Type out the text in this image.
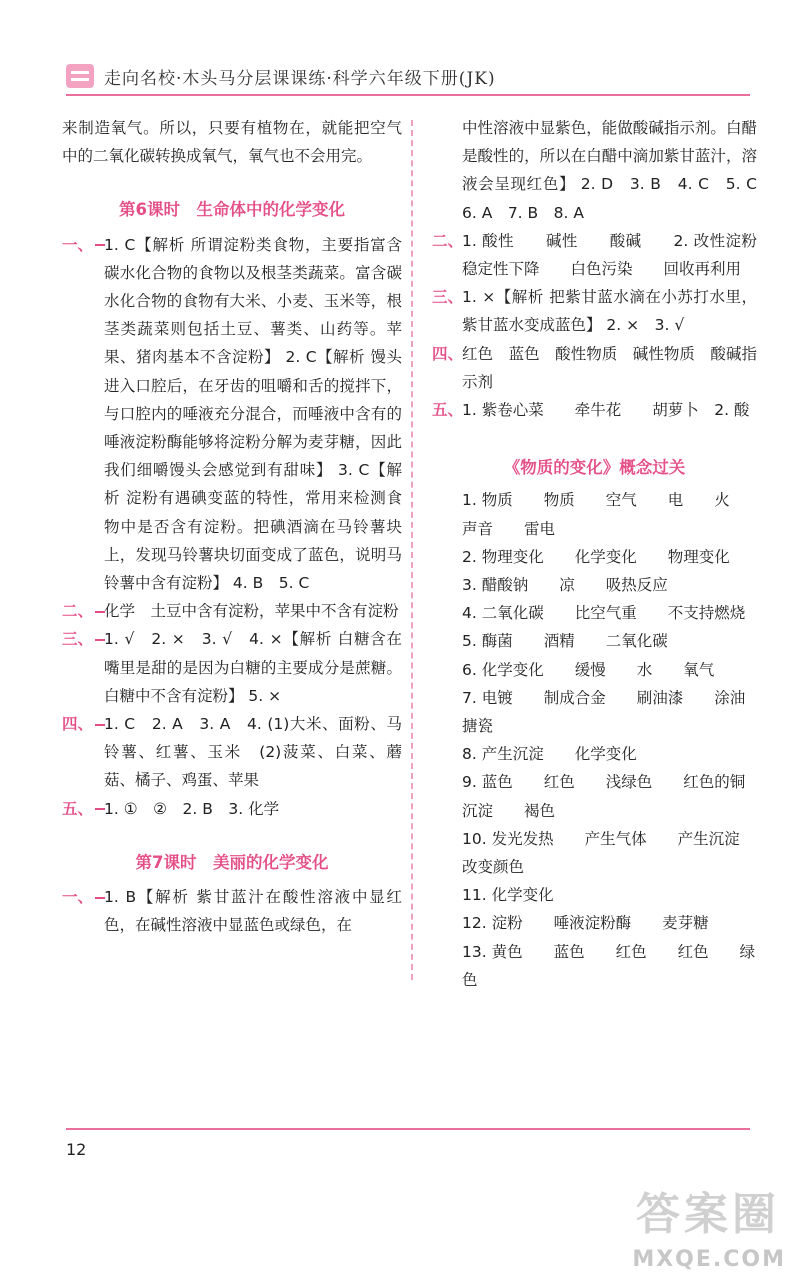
走向名校·木头马分层课课练·科学六年级下册(JK)

来制造氧气。所以，只要有植物在，就能把空气中的二氧化碳转换成氧气，氧气也不会用完。

第6课时　生命体中的化学变化

一、 1. C【解析 所谓淀粉类食物，主要指富含碳水化合物的食物以及根茎类蔬菜。富含碳水化合物的食物有大米、小麦、玉米等，根茎类蔬菜则包括土豆、薯类、山药等。苹果、猪肉基本不含淀粉】 2. C【解析 馒头进入口腔后，在牙齿的咀嚼和舌的搅拌下，与口腔内的唾液充分混合，而唾液中含有的唾液淀粉酶能够将淀粉分解为麦芽糖，因此我们细嚼馒头会感觉到有甜味】 3. C【解析 淀粉有遇碘变蓝的特性，常用来检测食物中是否含有淀粉。把碘酒滴在马铃薯块上，发现马铃薯块切面变成了蓝色，说明马铃薯中含有淀粉】 4. B　5. C

二、 化学　土豆中含有淀粉，苹果中不含有淀粉

三、 1. √　2. ×　3. √　4. ×【解析 白糖含在嘴里是甜的是因为白糖的主要成分是蔗糖。白糖中不含有淀粉】 5. ×

四、 1. C　2. A　3. A　4. (1)大米、面粉、马铃薯、红薯、玉米　(2)菠菜、白菜、蘑菇、橘子、鸡蛋、苹果

五、 1. ①　②　2. B　3. 化学

第7课时　美丽的化学变化

一、 1. B【解析 紫甘蓝汁在酸性溶液中显红色，在碱性溶液中显蓝色或绿色，在

中性溶液中显紫色，能做酸碱指示剂。白醋是酸性的，所以在白醋中滴加紫甘蓝汁，溶液会呈现红色】 2. D　3. B　4. C　5. C　6. A　7. B　8. A

二、
1. 酸性　　碱性　　酸碱　　2. 改性淀粉　稳定性下降　　白色污染　　回收再利用

三、
1. ×【解析 把紫甘蓝水滴在小苏打水里，紫甘蓝水变成蓝色】 2. ×　3. √

四、
红色　蓝色　酸性物质　碱性物质　酸碱指示剂

五、
1. 紫卷心菜　　牵牛花　　胡萝卜　2. 酸

《物质的变化》概念过关

1. 物质　　物质　　空气　　电　　火　声音　　雷电

2. 物理变化　　化学变化　　物理变化

3. 醋酸钠　　凉　　吸热反应

4. 二氧化碳　　比空气重　　不支持燃烧

5. 酶菌　　酒精　　二氧化碳

6. 化学变化　　缓慢　　水　　氧气

7. 电镀　　制成合金　　刷油漆　　涂油搪瓷

8. 产生沉淀　　化学变化

9. 蓝色　　红色　　浅绿色　　红色的铜沉淀　　褐色

10. 发光发热　　产生气体　　产生沉淀　改变颜色

11. 化学变化

12. 淀粉　　唾液淀粉酶　　麦芽糖

13. 黄色　　蓝色　　红色　　红色　　绿色

12
答案圈
MXQE.COM
